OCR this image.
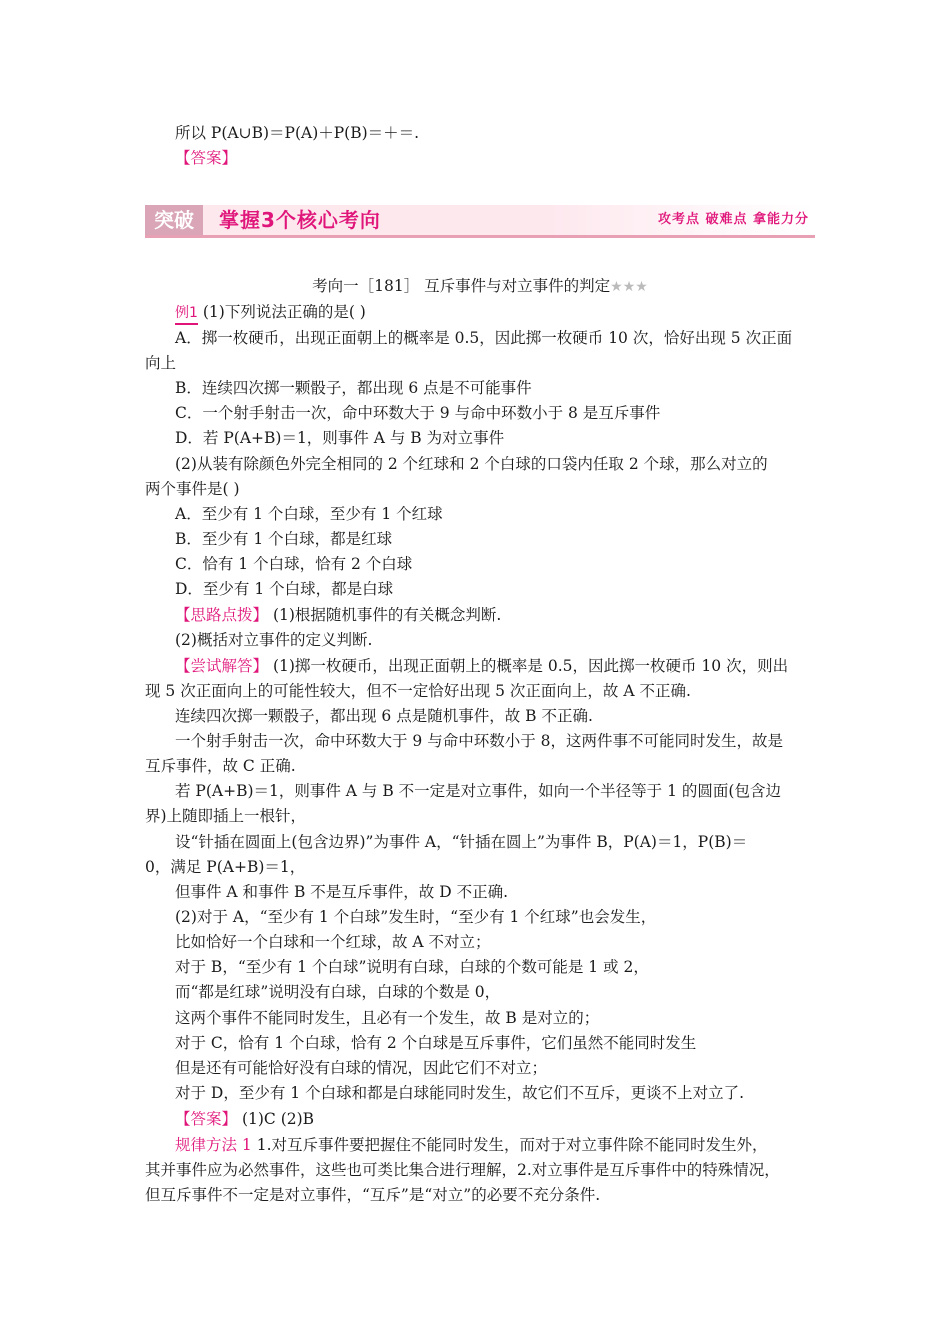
所以 P(A∪B)＝P(A)＋P(B)＝＋＝.
【答案】
突破	掌握3个核心考向	攻考点 破难点 拿能力分
考向一［181］ 互斥事件与对立事件的判定★★★
例1 (1)下列说法正确的是( )
A．掷一枚硬币，出现正面朝上的概率是 0.5，因此掷一枚硬币 10 次，恰好出现 5 次正面
向上
B．连续四次掷一颗骰子，都出现 6 点是不可能事件
C．一个射手射击一次，命中环数大于 9 与命中环数小于 8 是互斥事件
D．若 P(A+B)＝1，则事件 A 与 B 为对立事件
(2)从装有除颜色外完全相同的 2 个红球和 2 个白球的口袋内任取 2 个球，那么对立的
两个事件是( )
A．至少有 1 个白球，至少有 1 个红球
B．至少有 1 个白球，都是红球
C．恰有 1 个白球，恰有 2 个白球
D．至少有 1 个白球，都是白球
【思路点拨】 (1)根据随机事件的有关概念判断.
(2)概括对立事件的定义判断.
【尝试解答】 (1)掷一枚硬币，出现正面朝上的概率是 0.5，因此掷一枚硬币 10 次，则出
现 5 次正面向上的可能性较大，但不一定恰好出现 5 次正面向上，故 A 不正确.
连续四次掷一颗骰子，都出现 6 点是随机事件，故 B 不正确.
一个射手射击一次，命中环数大于 9 与命中环数小于 8，这两件事不可能同时发生，故是
互斥事件，故 C 正确.
若 P(A+B)＝1，则事件 A 与 B 不一定是对立事件，如向一个半径等于 1 的圆面(包含边
界)上随即插上一根针，
设“针插在圆面上(包含边界)”为事件 A，“针插在圆上”为事件 B，P(A)＝1，P(B)＝
0，满足 P(A+B)＝1，
但事件 A 和事件 B 不是互斥事件，故 D 不正确.
(2)对于 A，“至少有 1 个白球”发生时，“至少有 1 个红球”也会发生，
比如恰好一个白球和一个红球，故 A 不对立；
对于 B，“至少有 1 个白球”说明有白球，白球的个数可能是 1 或 2，
而“都是红球”说明没有白球，白球的个数是 0，
这两个事件不能同时发生，且必有一个发生，故 B 是对立的；
对于 C，恰有 1 个白球，恰有 2 个白球是互斥事件，它们虽然不能同时发生
但是还有可能恰好没有白球的情况，因此它们不对立；
对于 D，至少有 1 个白球和都是白球能同时发生，故它们不互斥，更谈不上对立了.
【答案】 (1)C (2)B
规律方法 1 1.对互斥事件要把握住不能同时发生，而对于对立事件除不能同时发生外，
其并事件应为必然事件，这些也可类比集合进行理解，2.对立事件是互斥事件中的特殊情况，
但互斥事件不一定是对立事件，“互斥”是“对立”的必要不充分条件.
